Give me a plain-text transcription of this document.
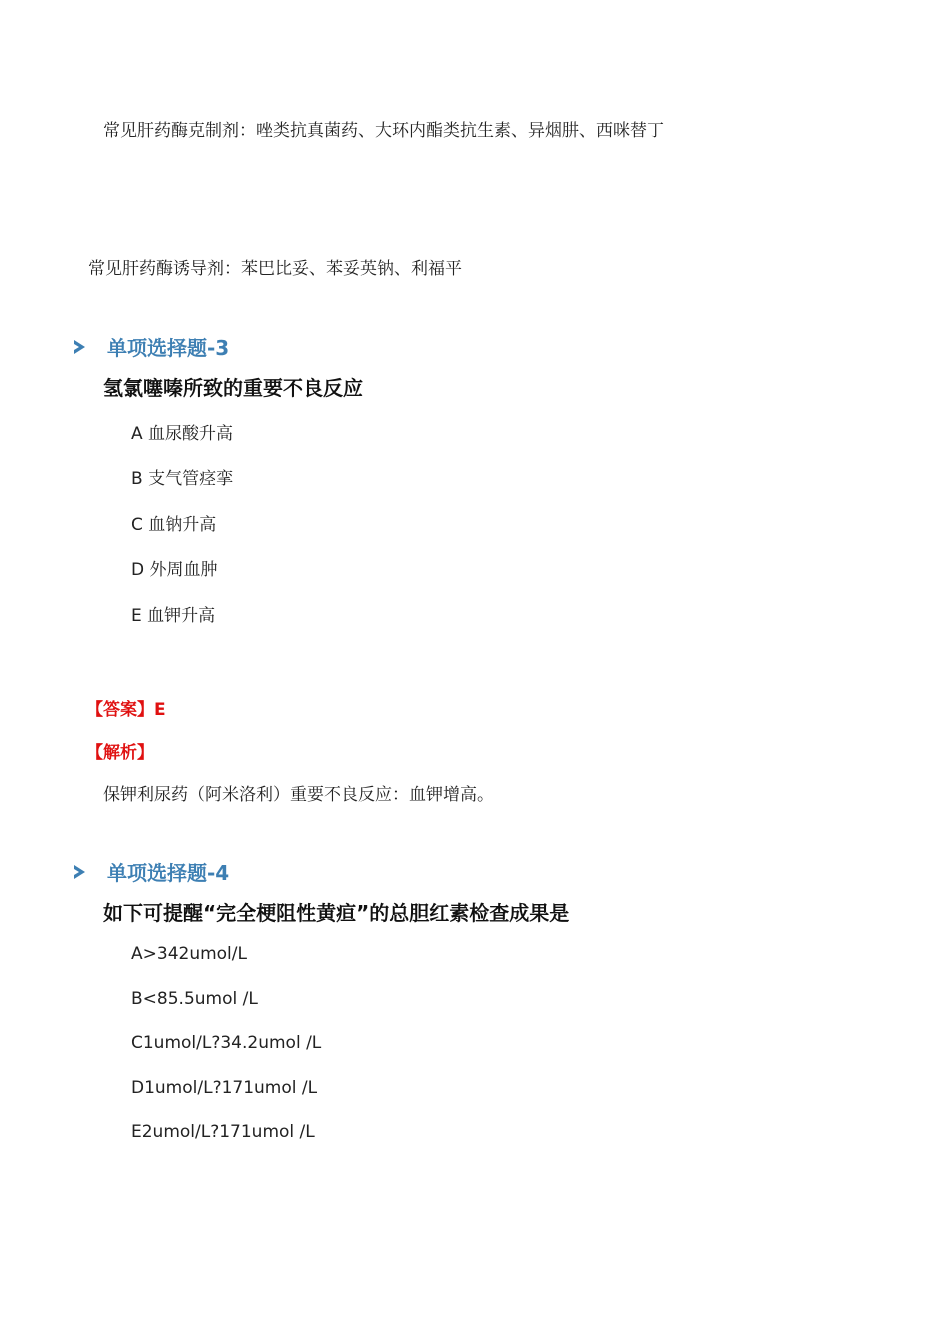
常见肝药酶克制剂：唑类抗真菌药、大环内酯类抗生素、异烟肼、西咪替丁
常见肝药酶诱导剂：苯巴比妥、苯妥英钠、利福平
单项选择题-3
氢氯噻嗪所致的重要不良反应
A 血尿酸升高
B 支气管痉挛
C 血钠升高
D 外周血肿
E 血钾升高
【答案】E
【解析】
保钾利尿药（阿米洛利）重要不良反应：血钾增高。
单项选择题-4
如下可提醒“完全梗阻性黄疸”的总胆红素检查成果是
A>342umol/L
B<85.5umol /L
C1umol/L?34.2umol /L
D1umol/L?171umol /L
E2umol/L?171umol /L
